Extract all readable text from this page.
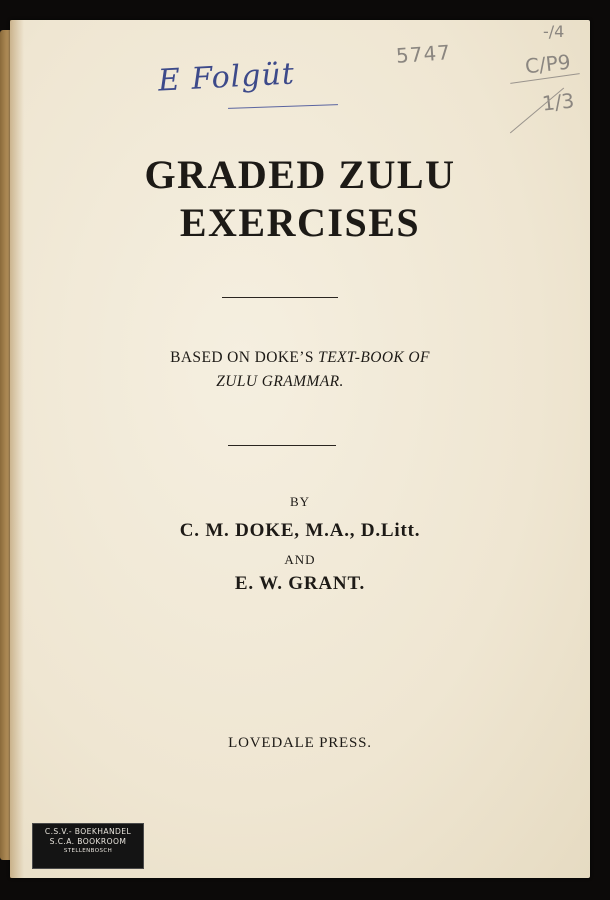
E Folgüt
5747
-/4
C/P9
1/3
GRADED ZULU
EXERCISES
BASED ON DOKE’S TEXT-BOOK OF
ZULU GRAMMAR.
BY
C. M. DOKE, M.A., D.Litt.
AND
E. W. GRANT.
LOVEDALE PRESS.
C.S.V.- BOEKHANDEL
S.C.A. BOOKROOM
STELLENBOSCH
